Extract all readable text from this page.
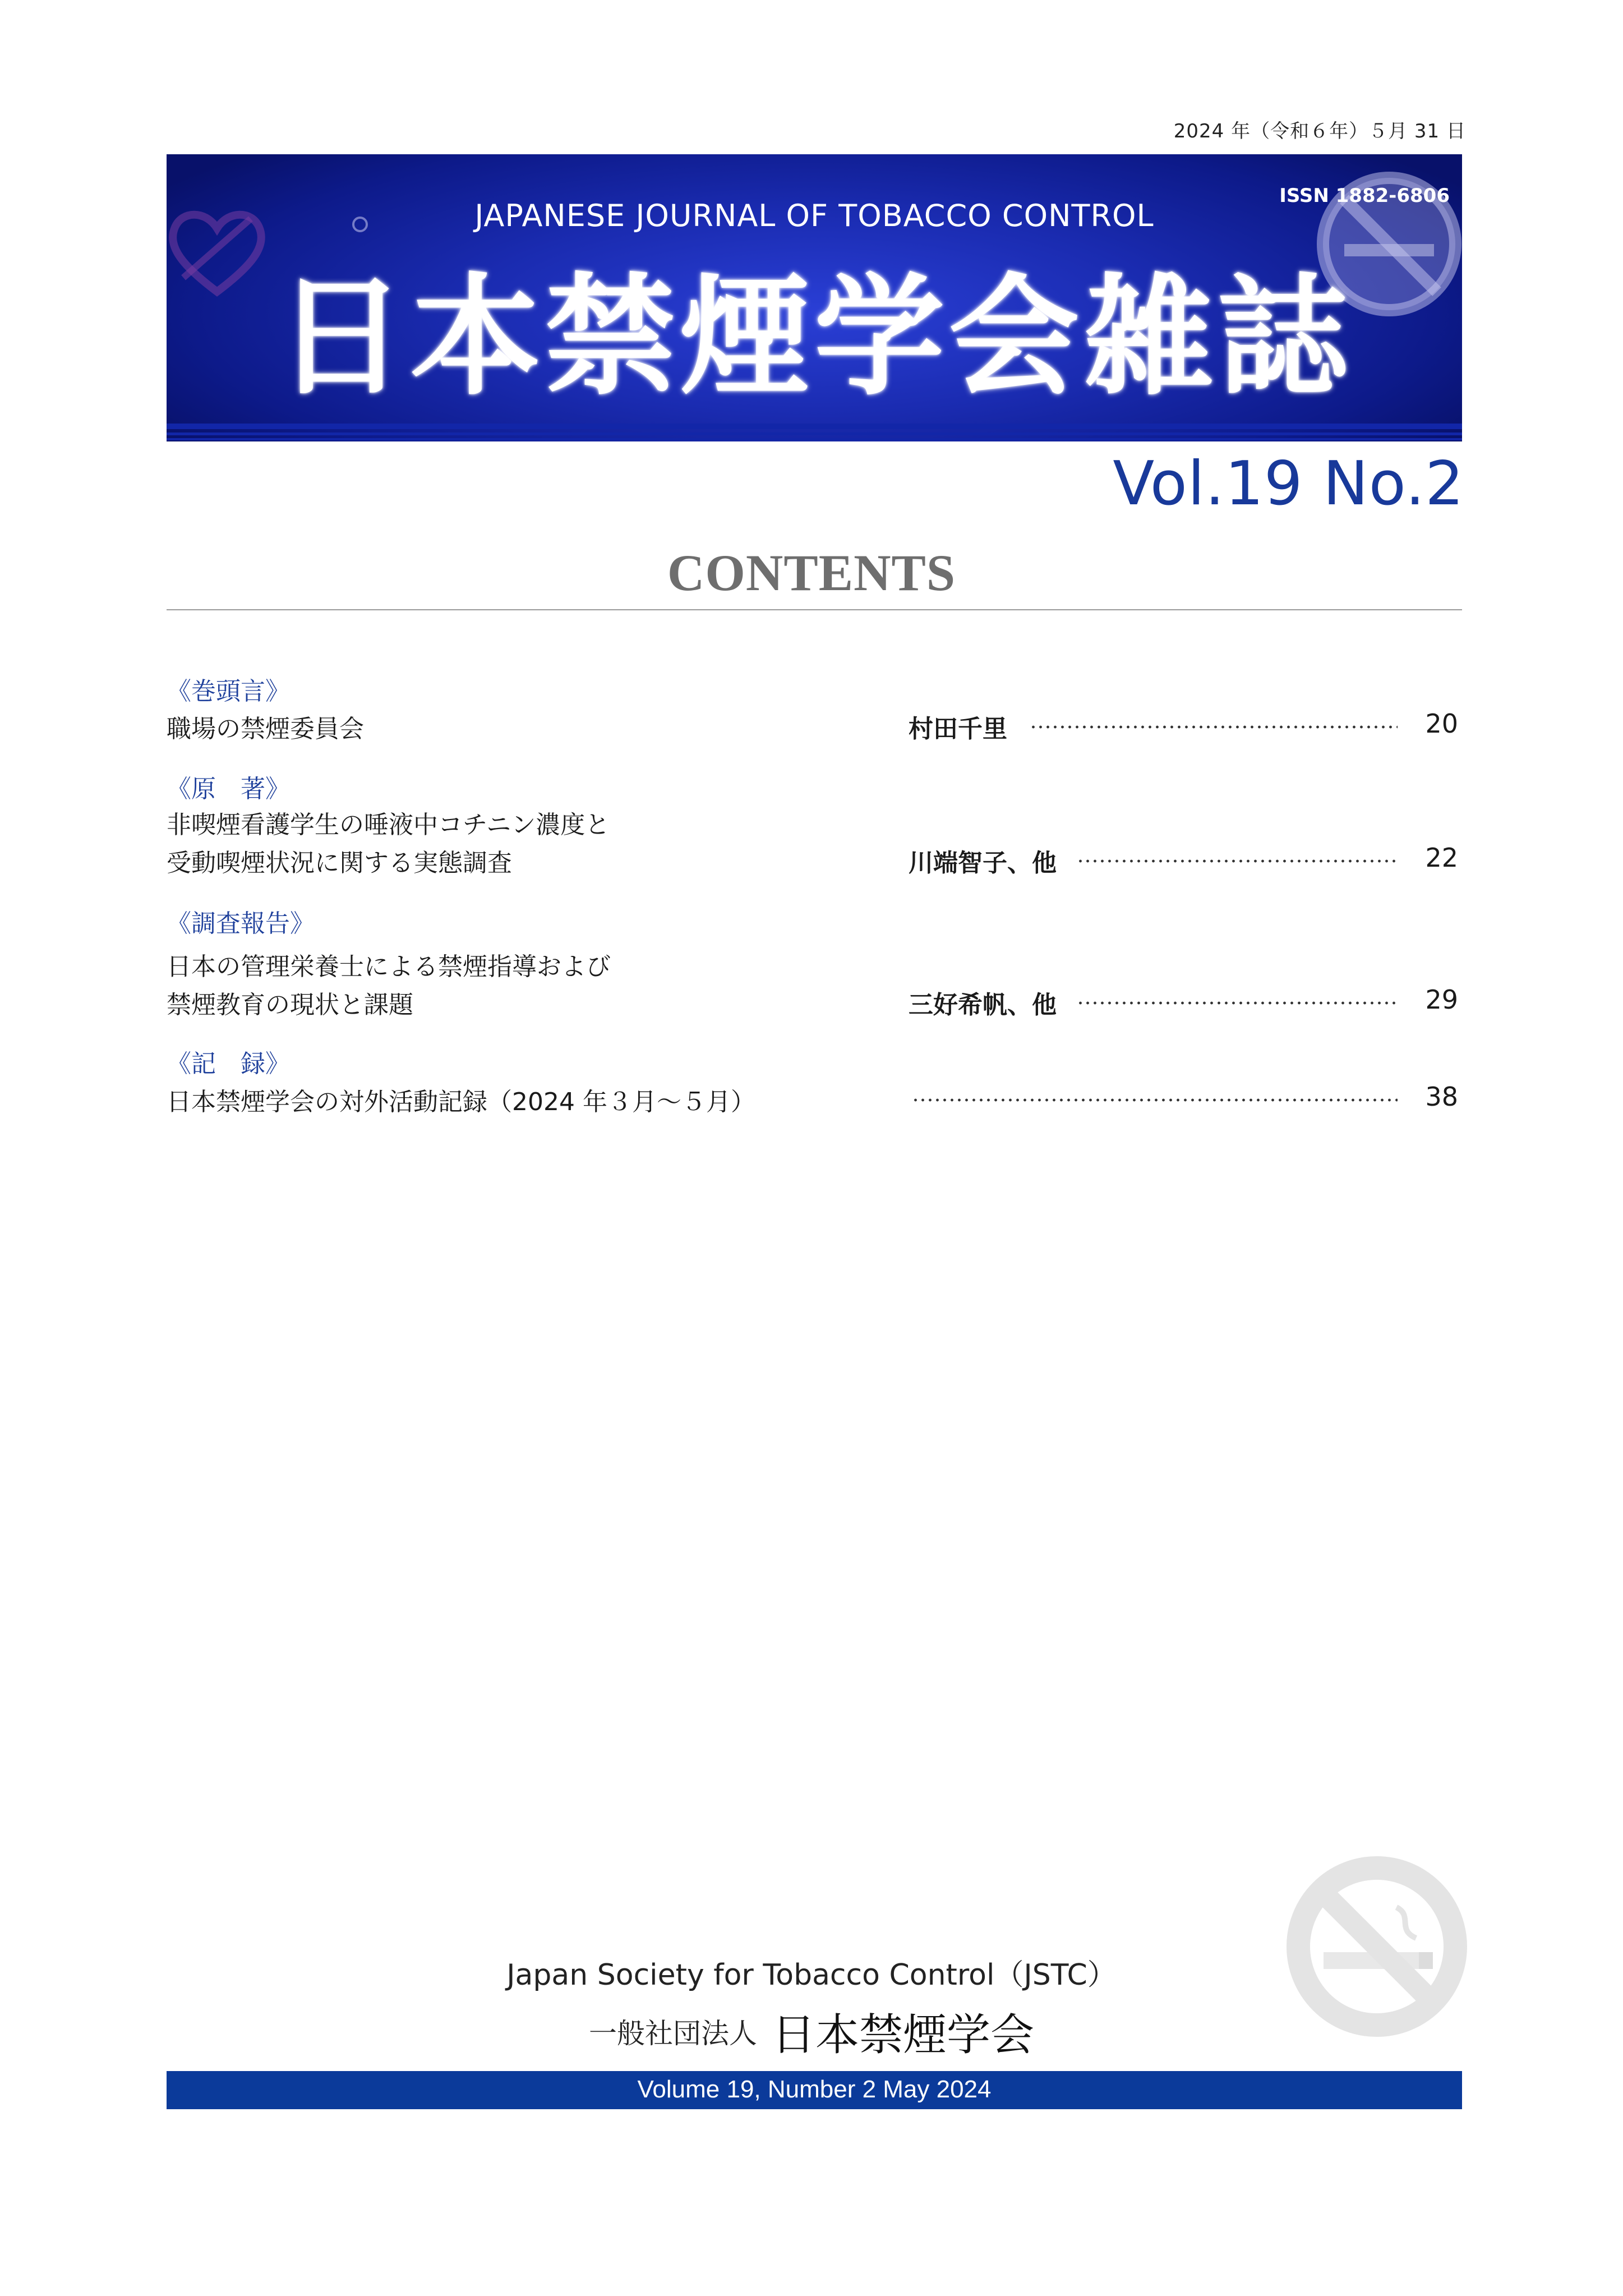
2024 年（令和６年）５月 31 日
JAPANESE JOURNAL OF TOBACCO CONTROL
日本禁煙学会雑誌
ISSN 1882-6806
Vol.19 No.2
CONTENTS
《巻頭言》
職場の禁煙委員会	村田千里	20
《原　著》
非喫煙看護学生の唾液中コチニン濃度と
受動喫煙状況に関する実態調査	川端智子、他	22
《調査報告》
日本の管理栄養士による禁煙指導および
禁煙教育の現状と課題	三好希帆、他	29
《記　録》
日本禁煙学会の対外活動記録（2024 年３月〜５月）	38
Japan Society for Tobacco Control（JSTC）
一般社団法人 日本禁煙学会
Volume 19, Number 2 May 2024
